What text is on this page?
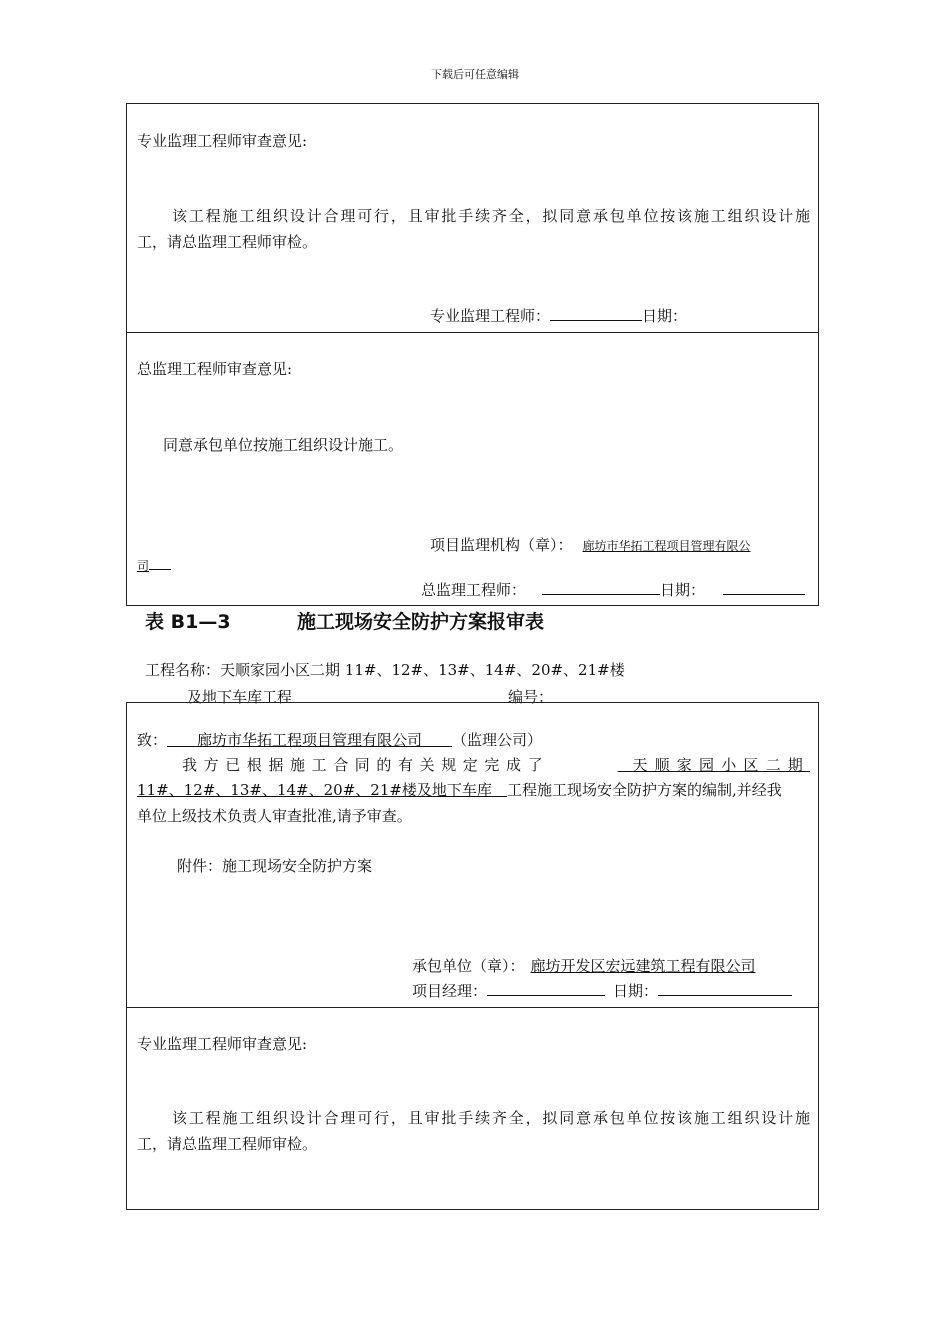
下载后可任意编辑
专业监理工程师审查意见:
该工程施工组织设计合理可行，且审批手续齐全，拟同意承包单位按该施工组织设计施
工，请总监理工程师审检。
专业监理工程师：	日期：
总监理工程师审查意见:
同意承包单位按施工组织设计施工。
项目监理机构（章）： 廊坊市华拓工程项目管理有限公
司
总监理工程师：	日期：
表 B1—3	施工现场安全防护方案报审表
工程名称：天顺家园小区二期 11#、12#、13#、14#、20#、21#楼
及地下车库工程	编号：
致：     廊坊市华拓工程项目管理有限公司     （监理公司）
我方已根据施工合同的有关规定完成了
 	天顺家园小区二期
11#、12#、13#、14#、20#、21#楼及地下车库   工程施工现场安全防护方案的编制,并经我
单位上级技术负责人审查批准,请予审查。
附件：施工现场安全防护方案
承包单位（章）： 廊坊开发区宏远建筑工程有限公司
项目经理：	日期：
专业监理工程师审查意见:
该工程施工组织设计合理可行，且审批手续齐全，拟同意承包单位按该施工组织设计施
工，请总监理工程师审检。
